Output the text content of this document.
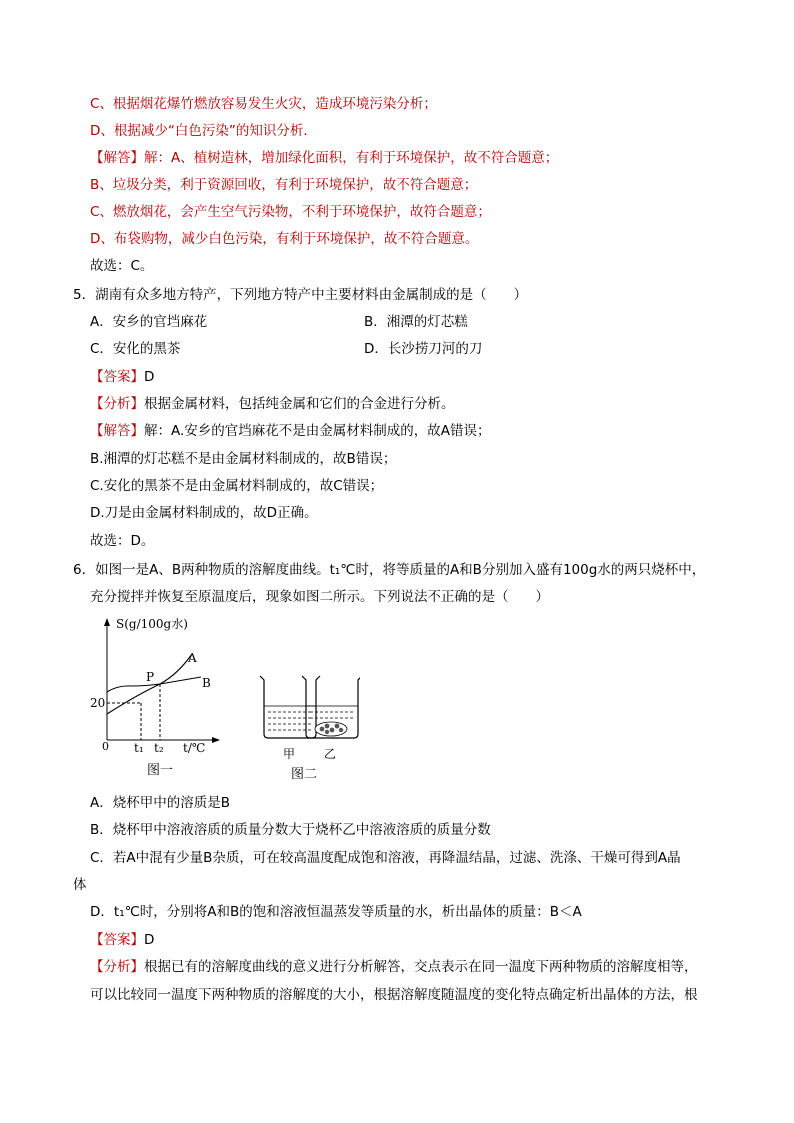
C、根据烟花爆竹燃放容易发生火灾，造成环境污染分析；
D、根据减少“白色污染”的知识分析．
【解答】解：A、植树造林，增加绿化面积，有利于环境保护，故不符合题意；
B、垃圾分类，利于资源回收，有利于环境保护，故不符合题意；
C、燃放烟花，会产生空气污染物，不利于环境保护，故符合题意；
D、布袋购物，减少白色污染，有利于环境保护，故不符合题意。
故选：C。
5．湖南有众多地方特产，下列地方特产中主要材料由金属制成的是（　　）
A．安乡的官垱麻花	B．湘潭的灯芯糕
C．安化的黑茶	D．长沙捞刀河的刀
【答案】D
【分析】根据金属材料，包括纯金属和它们的合金进行分析。
【解答】解：A.安乡的官垱麻花不是由金属材料制成的，故A错误；
B.湘潭的灯芯糕不是由金属材料制成的，故B错误；
C.安化的黑茶不是由金属材料制成的，故C错误；
D.刀是由金属材料制成的，故D正确。
故选：D。
6．如图一是A、B两种物质的溶解度曲线。t₁℃时，将等质量的A和B分别加入盛有100g水的两只烧杯中，
充分搅拌并恢复至原温度后，现象如图二所示。下列说法不正确的是（　　）
S(g/100g水)
A
B
P
20
0 t₁ t₂ t/℃
图一
甲 乙
图二
A．烧杯甲中的溶质是B
B．烧杯甲中溶液溶质的质量分数大于烧杯乙中溶液溶质的质量分数
C．若A中混有少量B杂质，可在较高温度配成饱和溶液，再降温结晶，过滤、洗涤、干燥可得到A晶
体
D．t₁℃时，分别将A和B的饱和溶液恒温蒸发等质量的水，析出晶体的质量：B＜A
【答案】D
【分析】根据已有的溶解度曲线的意义进行分析解答，交点表示在同一温度下两种物质的溶解度相等，
可以比较同一温度下两种物质的溶解度的大小，根据溶解度随温度的变化特点确定析出晶体的方法，根
